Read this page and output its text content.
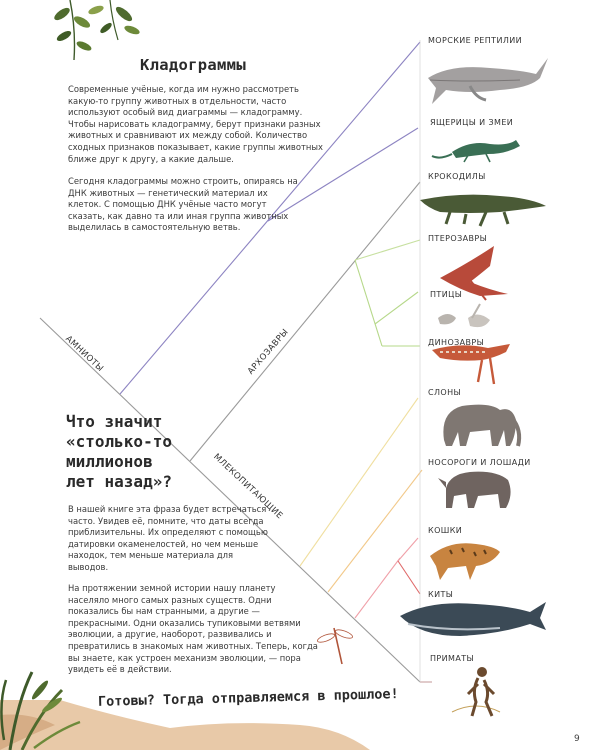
Кладограммы

Современные учёные, когда им нужно рассмотреть какую-то группу животных в отдельности, часто используют особый вид диаграммы — кладограмму. Чтобы нарисовать кладограмму, берут признаки разных животных и сравнивают их между собой. Количество сходных признаков показывает, какие группы животных ближе друг к другу, а какие дальше.

Сегодня кладограммы можно строить, опираясь на ДНК животных — генетический материал их клеток. С помощью ДНК учёные часто могут сказать, как давно та или иная группа животных выделилась в самостоятельную ветвь.

Что значит «столько-то миллионов лет назад»?

В нашей книге эта фраза будет встречаться часто. Увидев её, помните, что даты всегда приблизительны. Их определяют с помощью датировки окаменелостей, но чем меньше находок, тем меньше материала для выводов.

На протяжении земной истории нашу планету населяло много самых разных существ. Одни показались бы нам странными, а другие — прекрасными. Одни оказались тупиковыми ветвями эволюции, а другие, наоборот, развивались и превратились в знакомых нам животных. Теперь, когда вы знаете, как устроен механизм эволюции, — пора увидеть её в действии.

Готовы? Тогда отправляемся в прошлое!
9
АМНИОТЫ	АРХОЗАВРЫ
МЛЕКОПИТАЮЩИЕ
МОРСКИЕ РЕПТИЛИИ
ЯЩЕРИЦЫ И ЗМЕИ
КРОКОДИЛЫ
ПТЕРОЗАВРЫ
ПТИЦЫ
ДИНОЗАВРЫ
СЛОНЫ
НОСОРОГИ И ЛОШАДИ
КОШКИ
КИТЫ
ПРИМАТЫ
